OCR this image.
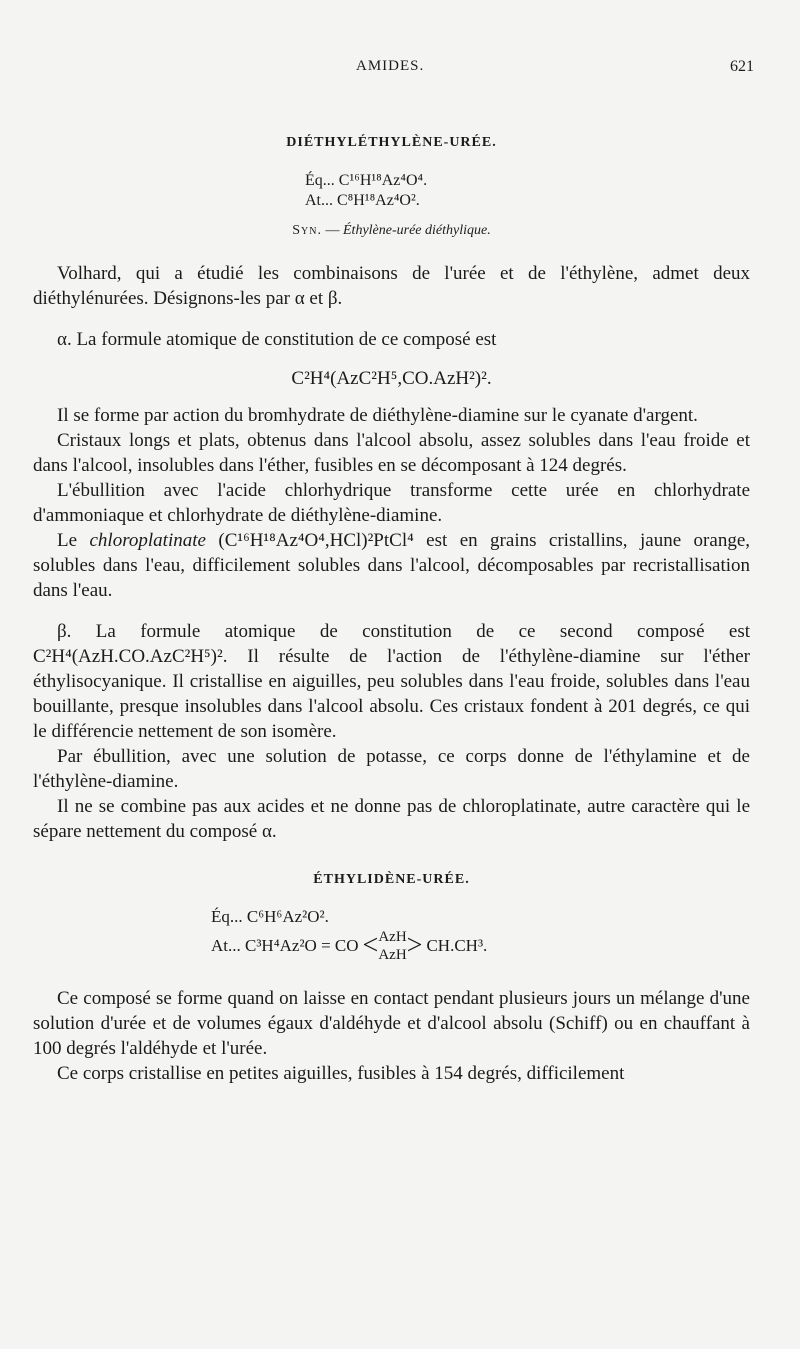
AMIDES.	621
DIÉTHYLÉTHYLÈNE-URÉE.
Éq... C¹⁶H¹⁸Az⁴O⁴.
At... C⁸H¹⁸Az⁴O².
Syn. — Éthylène-urée diéthylique.

Volhard, qui a étudié les combinaisons de l'urée et de l'éthylène, admet deux diéthylénurées. Désignons-les par α et β.

α. La formule atomique de constitution de ce composé est

C²H⁴(AzC²H⁵,CO.AzH²)².

Il se forme par action du bromhydrate de diéthylène-diamine sur le cyanate d'argent.

Cristaux longs et plats, obtenus dans l'alcool absolu, assez solubles dans l'eau froide et dans l'alcool, insolubles dans l'éther, fusibles en se décomposant à 124 degrés.

L'ébullition avec l'acide chlorhydrique transforme cette urée en chlorhydrate d'ammoniaque et chlorhydrate de diéthylène-diamine.

Le chloroplatinate (C¹⁶H¹⁸Az⁴O⁴,HCl)²PtCl⁴ est en grains cristallins, jaune orange, solubles dans l'eau, difficilement solubles dans l'alcool, décomposables par recristallisation dans l'eau.

β. La formule atomique de constitution de ce second composé est C²H⁴(AzH.CO.AzC²H⁵)². Il résulte de l'action de l'éthylène-diamine sur l'éther éthylisocyanique. Il cristallise en aiguilles, peu solubles dans l'eau froide, solubles dans l'eau bouillante, presque insolubles dans l'alcool absolu. Ces cristaux fondent à 201 degrés, ce qui le différencie nettement de son isomère.

Par ébullition, avec une solution de potasse, ce corps donne de l'éthylamine et de l'éthylène-diamine.

Il ne se combine pas aux acides et ne donne pas de chloroplatinate, autre caractère qui le sépare nettement du composé α.

ÉTHYLIDÈNE-URÉE.
Éq... C⁶H⁶Az²O².
At... C³H⁴Az²O = CO < AzH
AzH > CH.CH³.

Ce composé se forme quand on laisse en contact pendant plusieurs jours un mélange d'une solution d'urée et de volumes égaux d'aldéhyde et d'alcool absolu (Schiff) ou en chauffant à 100 degrés l'aldéhyde et l'urée.

Ce corps cristallise en petites aiguilles, fusibles à 154 degrés, difficilement
